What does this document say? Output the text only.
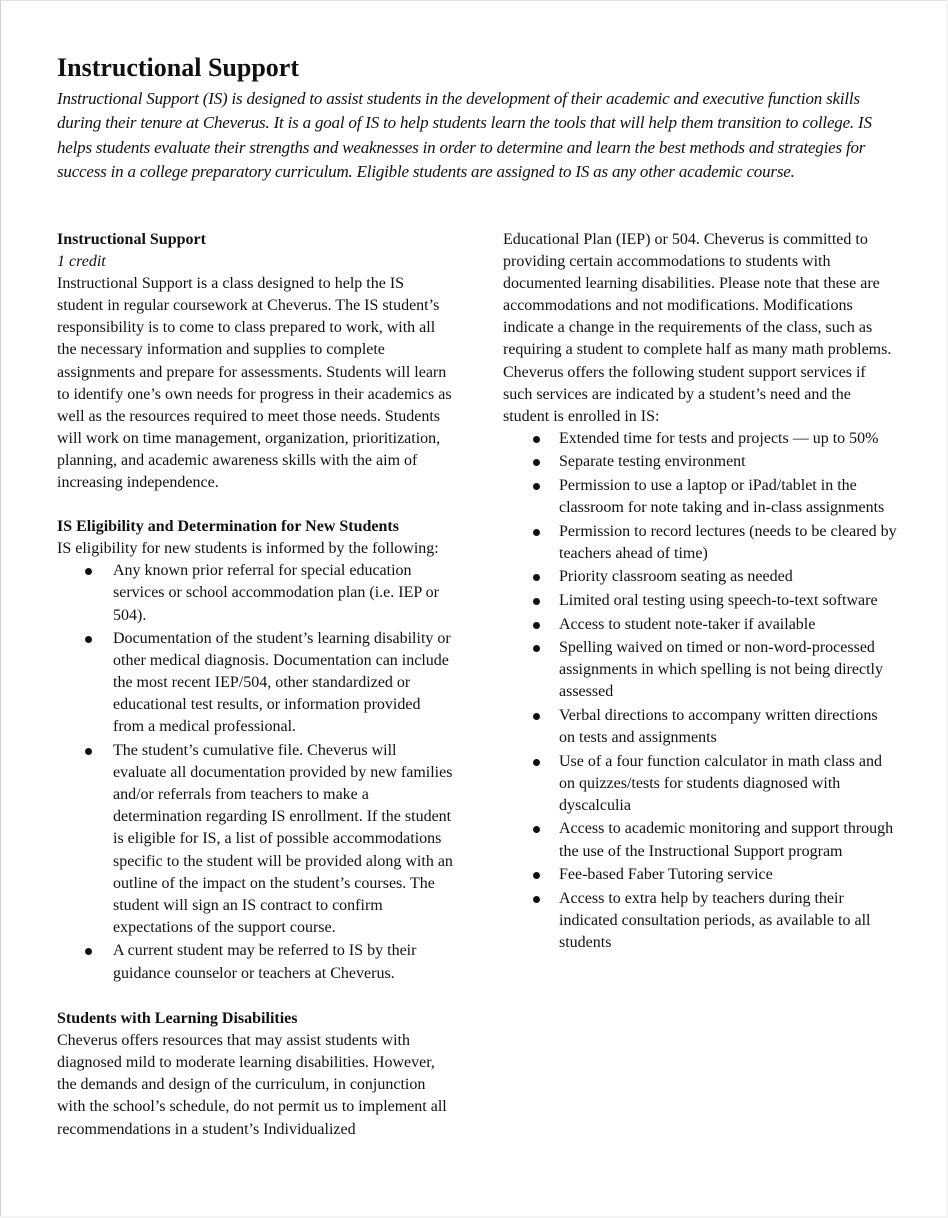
Instructional Support

Instructional Support (IS) is designed to assist students in the development of their academic and executive function skills during their tenure at Cheverus. It is a goal of IS to help students learn the tools that will help them transition to college. IS helps students evaluate their strengths and weaknesses in order to determine and learn the best methods and strategies for success in a college preparatory curriculum. Eligible students are assigned to IS as any other academic course.

Instructional Support

1 credit

Instructional Support is a class designed to help the IS student in regular coursework at Cheverus. The IS student’s responsibility is to come to class prepared to work, with all the necessary information and supplies to complete assignments and prepare for assessments. Students will learn to identify one’s own needs for progress in their academics as well as the resources required to meet those needs. Students will work on time management, organization, prioritization, planning, and academic awareness skills with the aim of increasing independence.

IS Eligibility and Determination for New Students

IS eligibility for new students is informed by the following:

Any known prior referral for special education services or school accommodation plan (i.e. IEP or 504).
Documentation of the student’s learning disability or other medical diagnosis. Documentation can include the most recent IEP/504, other standardized or educational test results, or information provided from a medical professional.
The student’s cumulative file. Cheverus will evaluate all documentation provided by new families and/or referrals from teachers to make a determination regarding IS enrollment. If the student is eligible for IS, a list of possible accommodations specific to the student will be provided along with an outline of the impact on the student’s courses. The student will sign an IS contract to confirm expectations of the support course.
A current student may be referred to IS by their guidance counselor or teachers at Cheverus.

Students with Learning Disabilities

Cheverus offers resources that may assist students with diagnosed mild to moderate learning disabilities. However, the demands and design of the curriculum, in conjunction with the school’s schedule, do not permit us to implement all recommendations in a student’s Individualized

Educational Plan (IEP) or 504. Cheverus is committed to providing certain accommodations to students with documented learning disabilities. Please note that these are accommodations and not modifications. Modifications indicate a change in the requirements of the class, such as requiring a student to complete half as many math problems. Cheverus offers the following student support services if such services are indicated by a student’s need and the student is enrolled in IS:

Extended time for tests and projects — up to 50%
Separate testing environment
Permission to use a laptop or iPad/tablet in the classroom for note taking and in-class assignments
Permission to record lectures (needs to be cleared by teachers ahead of time)
Priority classroom seating as needed
Limited oral testing using speech-to-text software
Access to student note-taker if available
Spelling waived on timed or non-word-processed assignments in which spelling is not being directly assessed
Verbal directions to accompany written directions on tests and assignments
Use of a four function calculator in math class and on quizzes/tests for students diagnosed with dyscalculia
Access to academic monitoring and support through the use of the Instructional Support program
Fee-based Faber Tutoring service
Access to extra help by teachers during their indicated consultation periods, as available to all students
